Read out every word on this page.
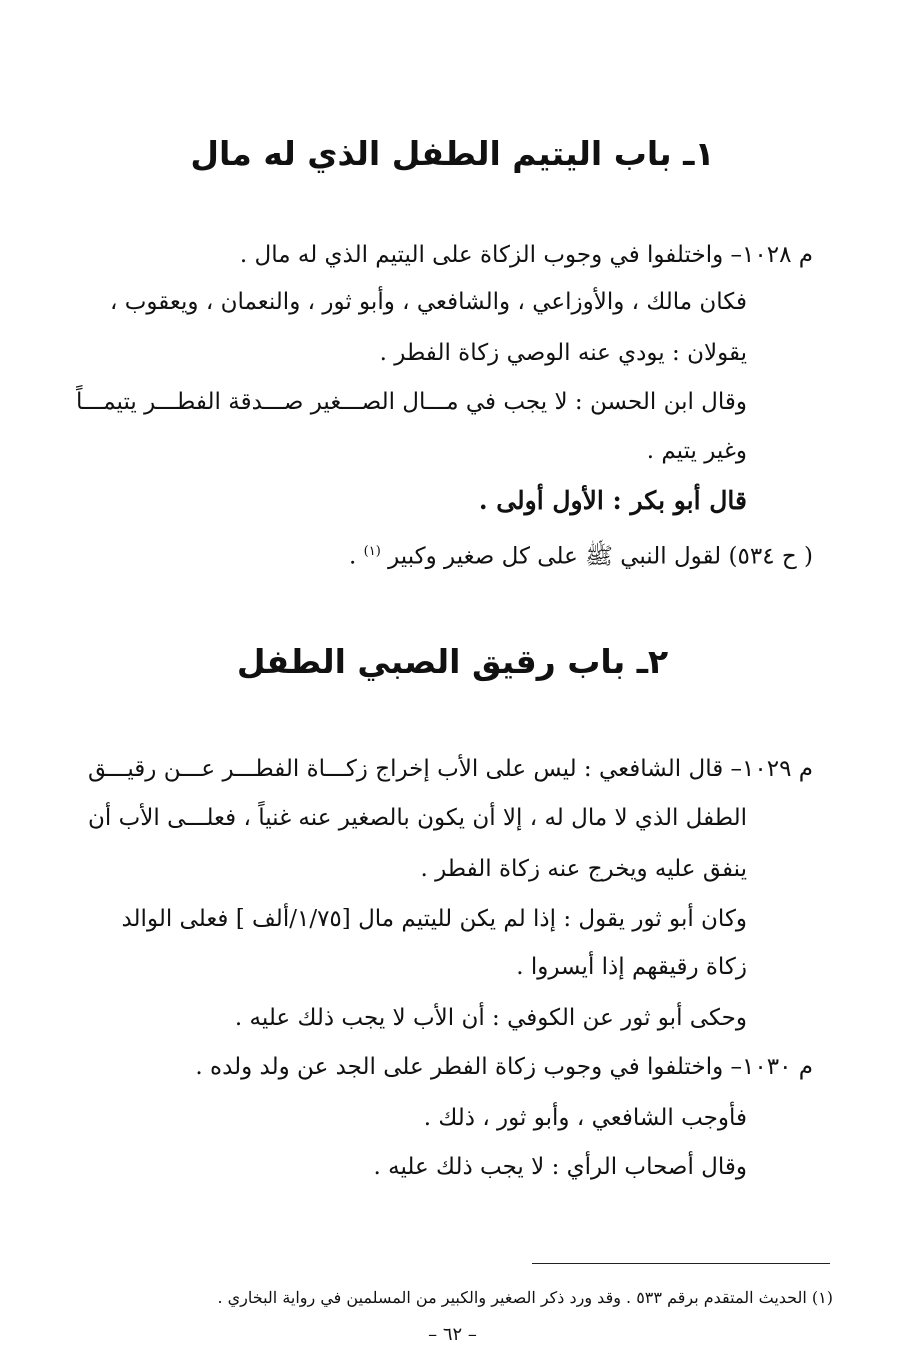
١ـ باب اليتيم الطفل الذي له مال
م ١٠٢٨– واختلفوا في وجوب الزكاة على اليتيم الذي له مال .
فكان مالك ، والأوزاعي ، والشافعي ، وأبو ثور ، والنعمان ، ويعقوب ،
يقولان : يودي عنه الوصي زكاة الفطر .
وقال ابن الحسن : لا يجب في مـــال الصـــغير صـــدقة الفطـــر يتيمـــاً
وغير يتيم .
قال أبو بكر : الأول أولى .
( ح ٥٣٤) لقول النبي ﷺ على كل صغير وكبير $^{(١)}$ .
٢ـ باب رقيق الصبي الطفل
م ١٠٢٩– قال الشافعي : ليس على الأب إخراج زكـــاة الفطـــر عـــن رقيـــق
الطفل الذي لا مال له ، إلا أن يكون بالصغير عنه غنياً ، فعلـــى الأب أن
ينفق عليه ويخرج عنه زكاة الفطر .
وكان أبو ثور يقول : إذا لم يكن لليتيم مال [١/٧٥/ألف ] فعلى الوالد
زكاة رقيقهم إذا أيسروا .
وحكى أبو ثور عن الكوفي : أن الأب لا يجب ذلك عليه .
م ١٠٣٠– واختلفوا في وجوب زكاة الفطر على الجد عن ولد ولده .
فأوجب الشافعي ، وأبو ثور ، ذلك .
وقال أصحاب الرأي : لا يجب ذلك عليه .
(١) الحديث المتقدم برقم ٥٣٣ . وقد ورد ذكر الصغير والكبير من المسلمين في رواية البخاري .
– ٦٢ –
